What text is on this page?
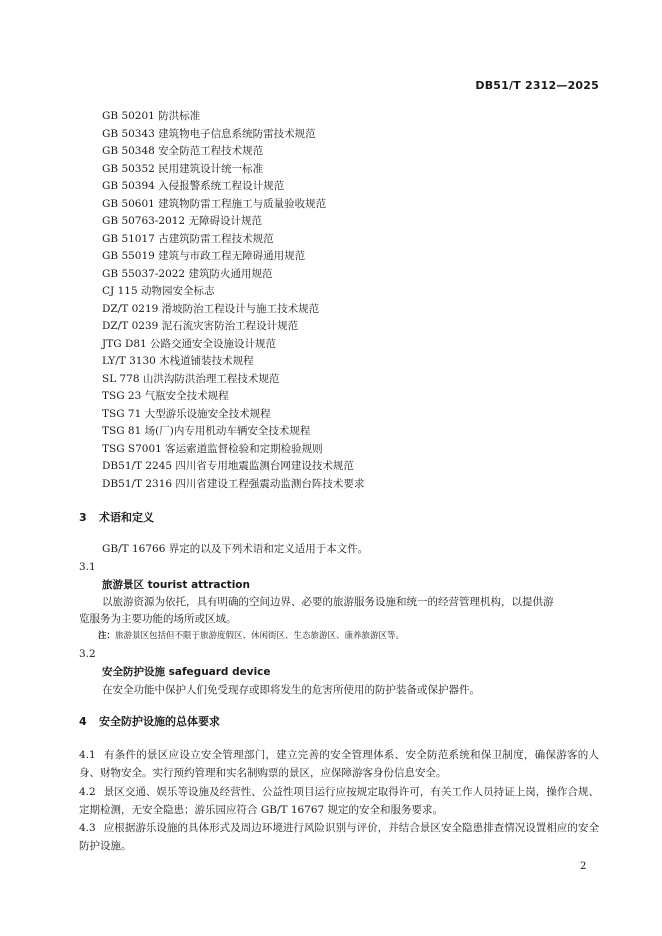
DB51/T 2312—2025
GB 50201 防洪标准
GB 50343 建筑物电子信息系统防雷技术规范
GB 50348 安全防范工程技术规范
GB 50352 民用建筑设计统一标准
GB 50394 入侵报警系统工程设计规范
GB 50601 建筑物防雷工程施工与质量验收规范
GB 50763-2012 无障碍设计规范
GB 51017 古建筑防雷工程技术规范
GB 55019 建筑与市政工程无障碍通用规范
GB 55037-2022 建筑防火通用规范
CJ 115 动物园安全标志
DZ/T 0219 滑坡防治工程设计与施工技术规范
DZ/T 0239 泥石流灾害防治工程设计规范
JTG D81 公路交通安全设施设计规范
LY/T 3130 木栈道铺装技术规程
SL 778 山洪沟防洪治理工程技术规范
TSG 23 气瓶安全技术规程
TSG 71 大型游乐设施安全技术规程
TSG 81 场(厂)内专用机动车辆安全技术规程
TSG S7001 客运索道监督检验和定期检验规则
DB51/T 2245 四川省专用地震监测台网建设技术规范
DB51/T 2316 四川省建设工程强震动监测台阵技术要求
3 术语和定义
GB/T 16766 界定的以及下列术语和定义适用于本文件。
3.1
旅游景区 tourist attraction
以旅游资源为依托，具有明确的空间边界、必要的旅游服务设施和统一的经营管理机构，以提供游
览服务为主要功能的场所或区域。
注：旅游景区包括但不限于旅游度假区、休闲街区、生态旅游区、康养旅游区等。
3.2
安全防护设施 safeguard device
在安全功能中保护人们免受现存或即将发生的危害所使用的防护装备或保护器件。
4 安全防护设施的总体要求
4.1 有条件的景区应设立安全管理部门，建立完善的安全管理体系、安全防范系统和保卫制度，确保游客的人身、财物安全。实行预约管理和实名制购票的景区，应保障游客身份信息安全。
4.2 景区交通、娱乐等设施及经营性、公益性项目运行应按规定取得许可，有关工作人员持证上岗，操作合规、定期检测，无安全隐患；游乐园应符合 GB/T 16767 规定的安全和服务要求。
4.3 应根据游乐设施的具体形式及周边环境进行风险识别与评价，并结合景区安全隐患排查情况设置相应的安全防护设施。
2
